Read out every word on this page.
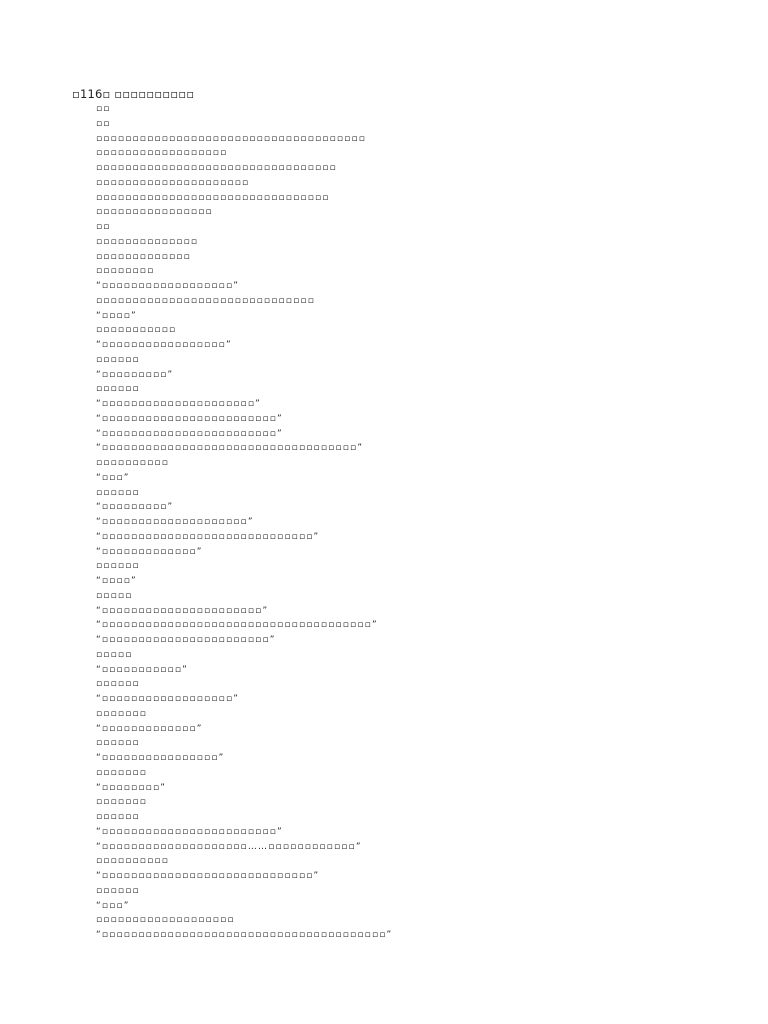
▫116▫ ▫▫▫▫▫▫▫▫▫▫
▫▫
▫▫
▫▫▫▫▫▫▫▫▫▫▫▫▫▫▫▫▫▫▫▫▫▫▫▫▫▫▫▫▫▫▫▫▫▫▫▫▫
▫▫▫▫▫▫▫▫▫▫▫▫▫▫▫▫▫▫
▫▫▫▫▫▫▫▫▫▫▫▫▫▫▫▫▫▫▫▫▫▫▫▫▫▫▫▫▫▫▫▫▫
▫▫▫▫▫▫▫▫▫▫▫▫▫▫▫▫▫▫▫▫▫
▫▫▫▫▫▫▫▫▫▫▫▫▫▫▫▫▫▫▫▫▫▫▫▫▫▫▫▫▫▫▫▫
▫▫▫▫▫▫▫▫▫▫▫▫▫▫▫▫
▫▫
▫▫▫▫▫▫▫▫▫▫▫▫▫▫
▫▫▫▫▫▫▫▫▫▫▫▫▫
▫▫▫▫▫▫▫▫
“▫▫▫▫▫▫▫▫▫▫▫▫▫▫▫▫▫▫”
▫▫▫▫▫▫▫▫▫▫▫▫▫▫▫▫▫▫▫▫▫▫▫▫▫▫▫▫▫▫
“▫▫▫▫”
▫▫▫▫▫▫▫▫▫▫▫
“▫▫▫▫▫▫▫▫▫▫▫▫▫▫▫▫▫”
▫▫▫▫▫▫
“▫▫▫▫▫▫▫▫▫”
▫▫▫▫▫▫
“▫▫▫▫▫▫▫▫▫▫▫▫▫▫▫▫▫▫▫▫▫”
“▫▫▫▫▫▫▫▫▫▫▫▫▫▫▫▫▫▫▫▫▫▫▫▫”
“▫▫▫▫▫▫▫▫▫▫▫▫▫▫▫▫▫▫▫▫▫▫▫▫”
“▫▫▫▫▫▫▫▫▫▫▫▫▫▫▫▫▫▫▫▫▫▫▫▫▫▫▫▫▫▫▫▫▫▫▫”
▫▫▫▫▫▫▫▫▫▫
“▫▫▫”
▫▫▫▫▫▫
“▫▫▫▫▫▫▫▫▫”
“▫▫▫▫▫▫▫▫▫▫▫▫▫▫▫▫▫▫▫▫”
“▫▫▫▫▫▫▫▫▫▫▫▫▫▫▫▫▫▫▫▫▫▫▫▫▫▫▫▫▫”
“▫▫▫▫▫▫▫▫▫▫▫▫▫”
▫▫▫▫▫▫
“▫▫▫▫”
▫▫▫▫▫
“▫▫▫▫▫▫▫▫▫▫▫▫▫▫▫▫▫▫▫▫▫▫”
“▫▫▫▫▫▫▫▫▫▫▫▫▫▫▫▫▫▫▫▫▫▫▫▫▫▫▫▫▫▫▫▫▫▫▫▫▫”
“▫▫▫▫▫▫▫▫▫▫▫▫▫▫▫▫▫▫▫▫▫▫▫”
▫▫▫▫▫
“▫▫▫▫▫▫▫▫▫▫▫”
▫▫▫▫▫▫
“▫▫▫▫▫▫▫▫▫▫▫▫▫▫▫▫▫▫”
▫▫▫▫▫▫▫
“▫▫▫▫▫▫▫▫▫▫▫▫▫”
▫▫▫▫▫▫
“▫▫▫▫▫▫▫▫▫▫▫▫▫▫▫▫”
▫▫▫▫▫▫▫
“▫▫▫▫▫▫▫▫”
▫▫▫▫▫▫▫
▫▫▫▫▫▫
“▫▫▫▫▫▫▫▫▫▫▫▫▫▫▫▫▫▫▫▫▫▫▫▫”
“▫▫▫▫▫▫▫▫▫▫▫▫▫▫▫▫▫▫▫▫……▫▫▫▫▫▫▫▫▫▫▫▫”
▫▫▫▫▫▫▫▫▫▫
“▫▫▫▫▫▫▫▫▫▫▫▫▫▫▫▫▫▫▫▫▫▫▫▫▫▫▫▫▫”
▫▫▫▫▫▫
“▫▫▫”
▫▫▫▫▫▫▫▫▫▫▫▫▫▫▫▫▫▫▫
“▫▫▫▫▫▫▫▫▫▫▫▫▫▫▫▫▫▫▫▫▫▫▫▫▫▫▫▫▫▫▫▫▫▫▫▫▫▫▫”
